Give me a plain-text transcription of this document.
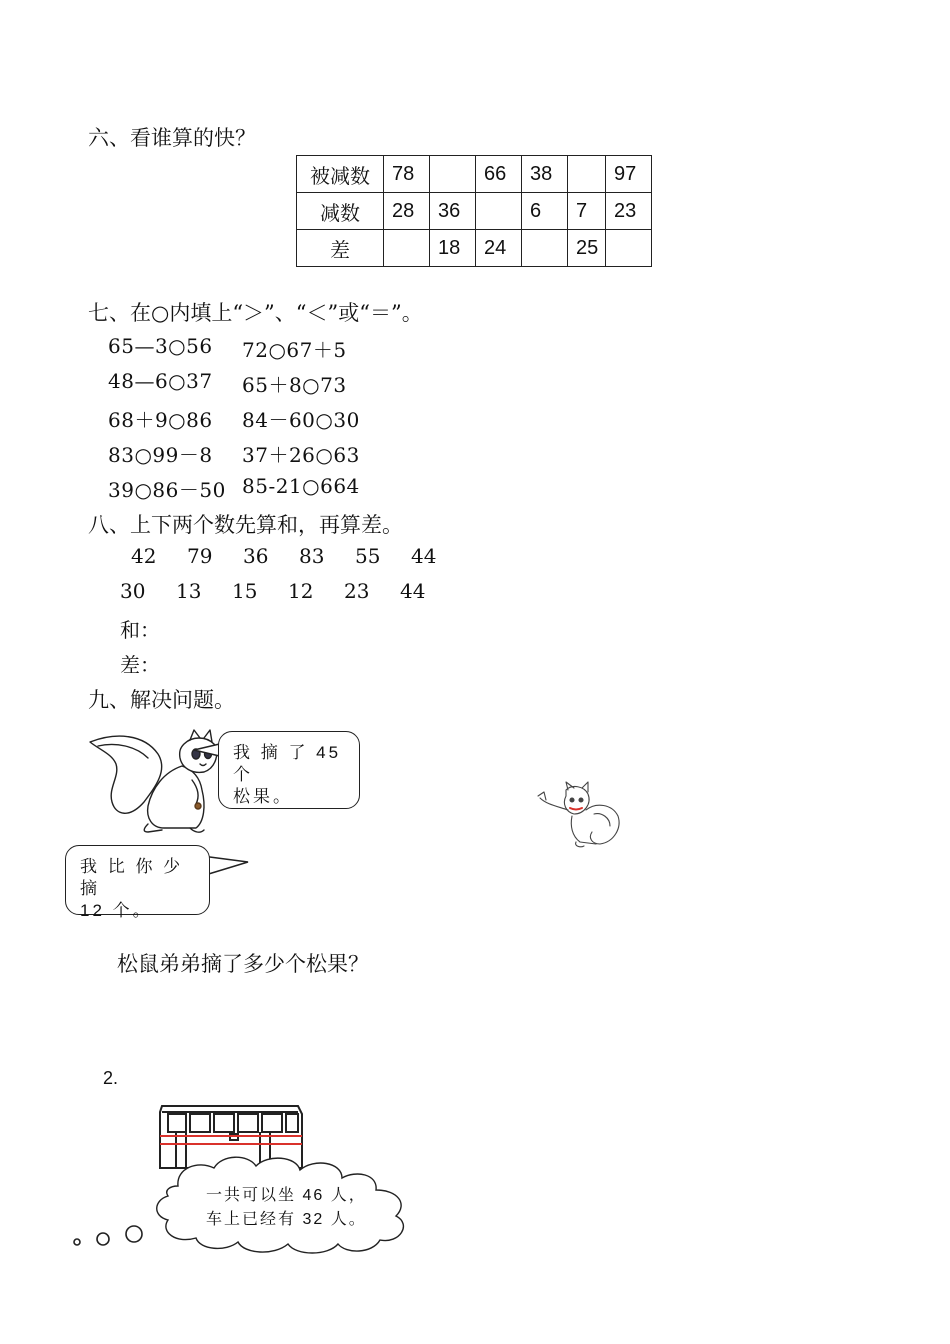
六、看谁算的快？
被减数	78		66	38		97
减数	28	36		6	7	23
差		18	24		25	
七、在○内填上“＞”、“＜”或“＝”。
65—3○56 72○67＋5
48—6○37 65＋8○73
68＋9○86 84－60○30
83○99－8 37＋26○63
39○86－50 85-21○664
八、上下两个数先算和，再算差。
42 79 36 83 55 44
30 13 15 12 23 44
和：
差：
九、解决问题。
我 摘 了 45 个
松果。
我 比 你 少 摘
12 个。
松鼠弟弟摘了多少个松果？
2.
一共可以坐 46 人，
车上已经有 32 人。
